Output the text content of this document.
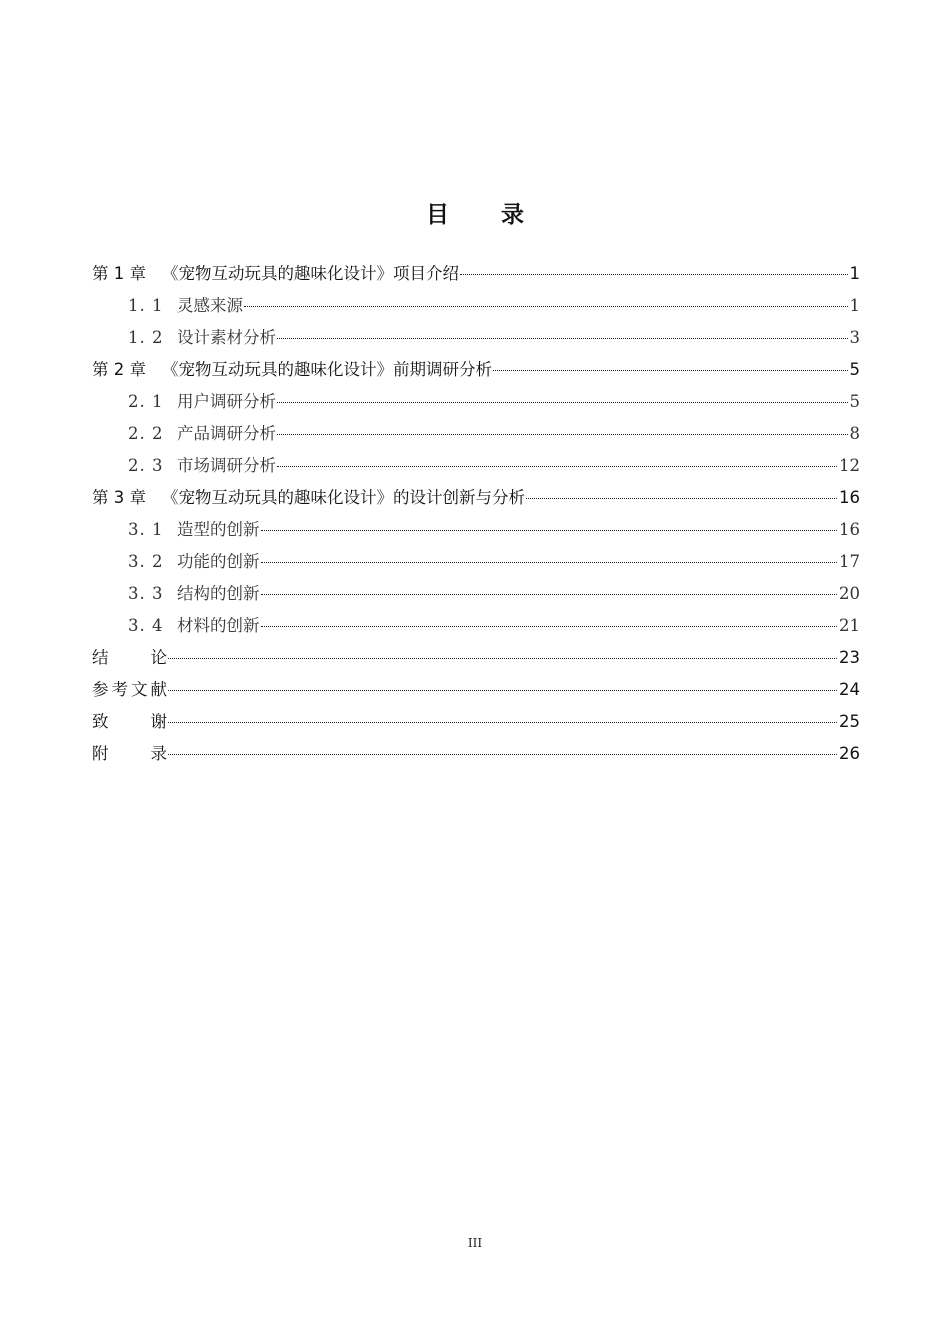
目 录
第 1 章 《宠物互动玩具的趣味化设计》项目介绍	1
1. 1 灵感来源	1
1. 2 设计素材分析	3
第 2 章 《宠物互动玩具的趣味化设计》前期调研分析	5
2. 1 用户调研分析	5
2. 2 产品调研分析	8
2. 3 市场调研分析	12
第 3 章 《宠物互动玩具的趣味化设计》的设计创新与分析	16
3. 1 造型的创新	16
3. 2 功能的创新	17
3. 3 结构的创新	20
3. 4 材料的创新	21
结论	23
参考文献	24
致谢	25
附录	26
III
